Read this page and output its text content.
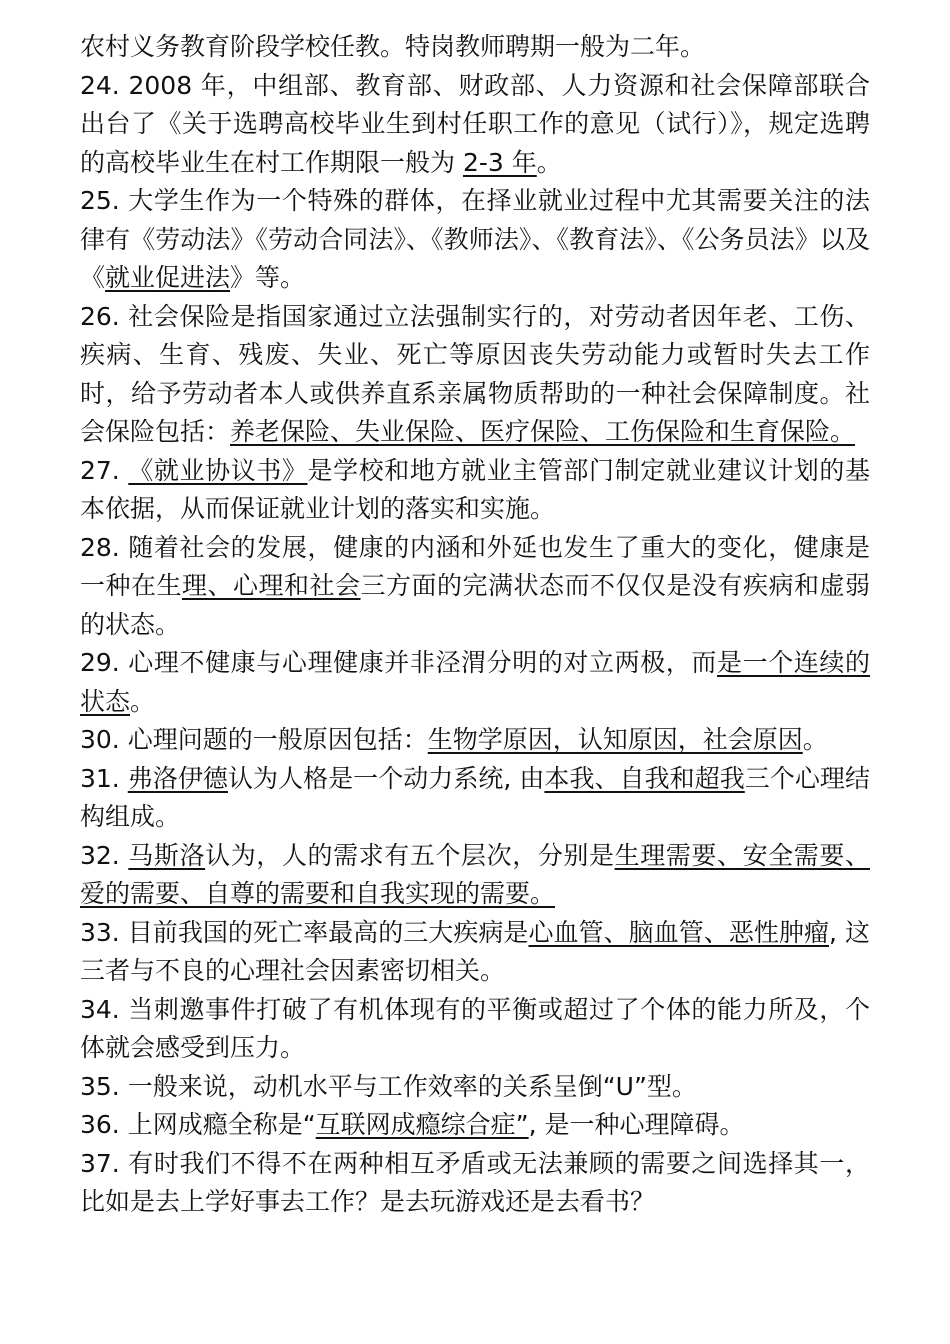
农村义务教育阶段学校任教。特岗教师聘期一般为二年。

24. 2008 年，中组部、教育部、财政部、人力资源和社会保障部联合出台了《关于选聘高校毕业生到村任职工作的意见（试行）》，规定选聘的高校毕业生在村工作期限一般为 2-3 年。

25. 大学生作为一个特殊的群体，在择业就业过程中尤其需要关注的法律有《劳动法》《劳动合同法》、《教师法》、《教育法》、《公务员法》以及《就业促进法》等。

26. 社会保险是指国家通过立法强制实行的，对劳动者因年老、工伤、疾病、生育、残废、失业、死亡等原因丧失劳动能力或暂时失去工作时，给予劳动者本人或供养直系亲属物质帮助的一种社会保障制度。社会保险包括：养老保险、失业保险、医疗保险、工伤保险和生育保险。

27. 《就业协议书》是学校和地方就业主管部门制定就业建议计划的基本依据，从而保证就业计划的落实和实施。

28. 随着社会的发展，健康的内涵和外延也发生了重大的变化，健康是一种在生理、心理和社会三方面的完满状态而不仅仅是没有疾病和虚弱的状态。

29. 心理不健康与心理健康并非泾渭分明的对立两极，而是一个连续的状态。

30. 心理问题的一般原因包括：生物学原因，认知原因，社会原因。

31. 弗洛伊德认为人格是一个动力系统, 由本我、自我和超我三个心理结构组成。

32. 马斯洛认为，人的需求有五个层次，分别是生理需要、安全需要、爱的需要、自尊的需要和自我实现的需要。

33. 目前我国的死亡率最高的三大疾病是心血管、脑血管、恶性肿瘤, 这三者与不良的心理社会因素密切相关。

34. 当刺邀事件打破了有机体现有的平衡或超过了个体的能力所及，个体就会感受到压力。

35. 一般来说，动机水平与工作效率的关系呈倒“U”型。

36. 上网成瘾全称是“互联网成瘾综合症”, 是一种心理障碍。

37. 有时我们不得不在两种相互矛盾或无法兼顾的需要之间选择其一，比如是去上学好事去工作？是去玩游戏还是去看书？
